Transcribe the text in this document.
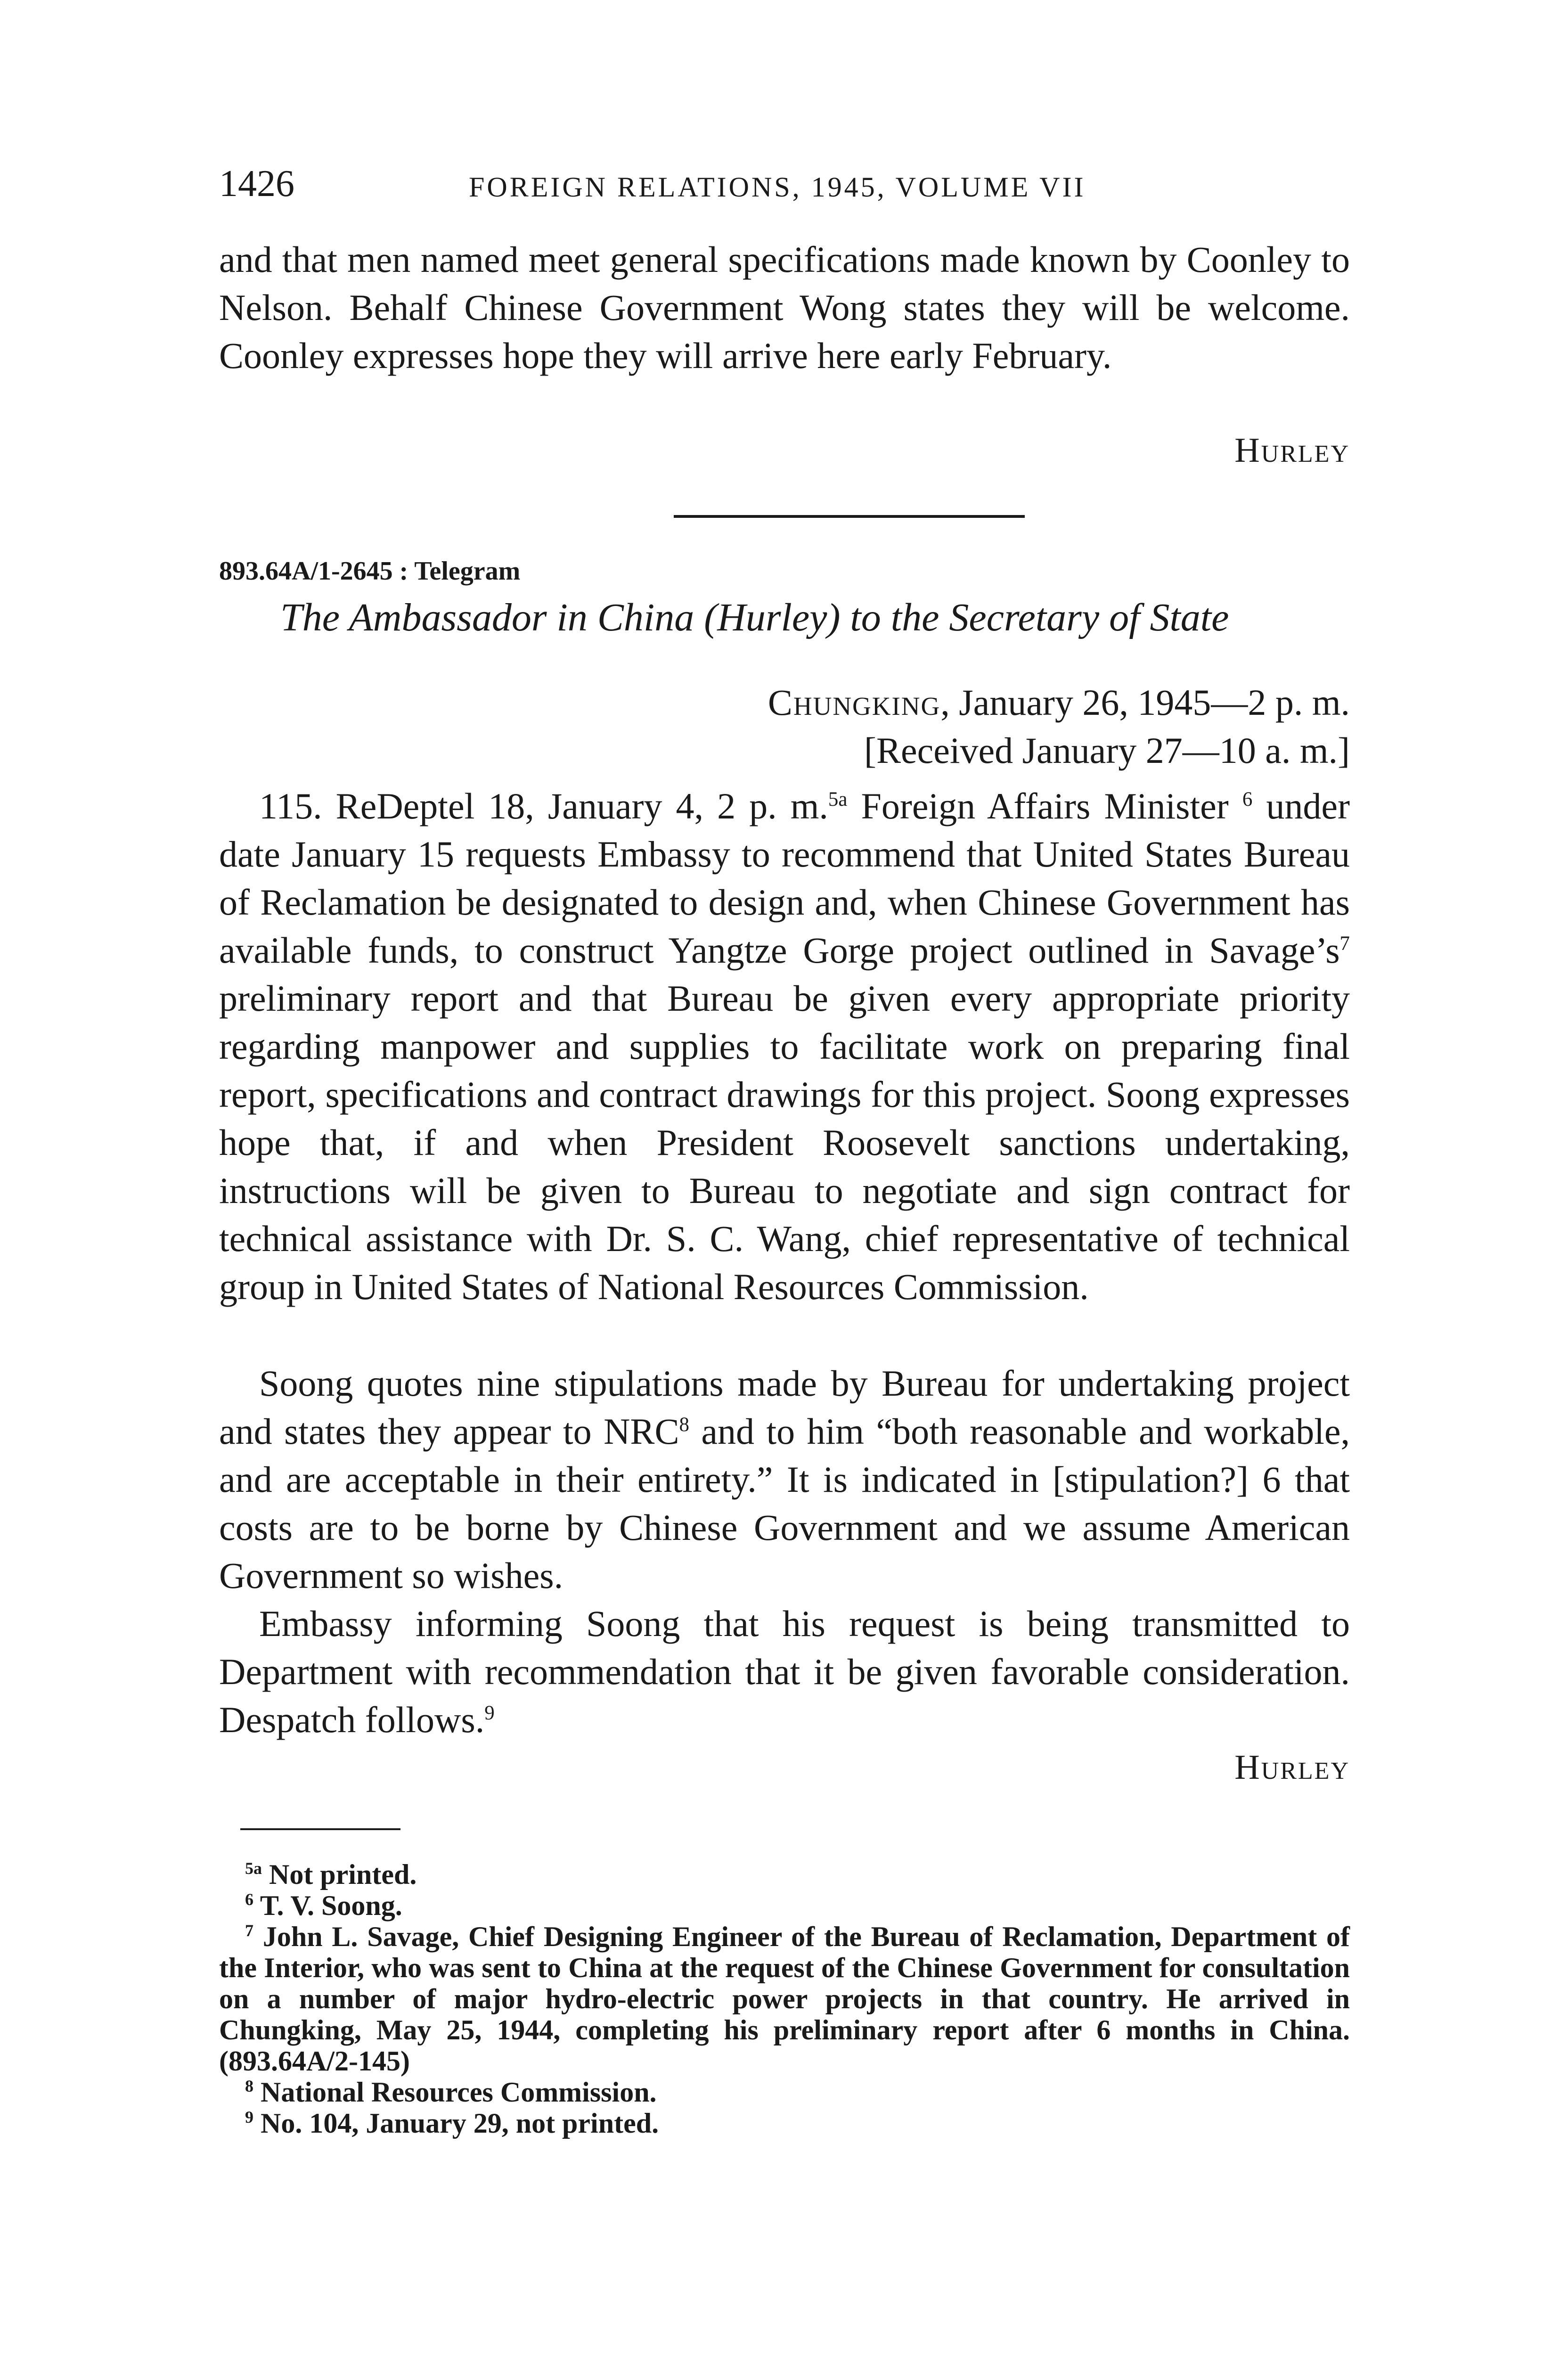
1426	FOREIGN RELATIONS, 1945, VOLUME VII
and that men named meet general specifications made known by Coonley to Nelson. Behalf Chinese Government Wong states they will be welcome. Coonley expresses hope they will arrive here early February.
Hurley
893.64A/1-2645 : Telegram
The Ambassador in China (Hurley) to the Secretary of State
Chungking, January 26, 1945—2 p. m.
[Received January 27—10 a. m.]
115. ReDeptel 18, January 4, 2 p. m.$^{5a}$ Foreign Affairs Minister $^6$ under date January 15 requests Embassy to recommend that United States Bureau of Reclamation be designated to design and, when Chinese Government has available funds, to construct Yangtze Gorge project outlined in $Savage’s^7$ preliminary report and that Bureau be given every appropriate priority regarding manpower and supplies to facilitate work on preparing final report, specifications and contract drawings for this project. Soong expresses hope that, if and when President Roosevelt sanctions undertaking, instructions will be given to Bureau to negotiate and sign contract for technical assistance with Dr. S. C. Wang, chief representative of technical group in United States of National Resources Commission.
Soong quotes nine stipulations made by Bureau for undertaking project and states they appear to NRC$^8$ and to him “both reasonable and workable, and are acceptable in their entirety.” It is indicated in [stipulation?] 6 that costs are to be borne by Chinese Government and we assume American Government so wishes.
Embassy informing Soong that his request is being transmitted to Department with recommendation that it be given favorable consideration. Despatch follows.$^9$
Hurley
$^{5a}$ Not printed.
$^6$ T. V. Soong.
$^7$ John L. Savage, Chief Designing Engineer of the Bureau of Reclamation, Department of the Interior, who was sent to China at the request of the Chinese Government for consultation on a number of major hydro-electric power projects in that country. He arrived in Chungking, May 25, 1944, completing his preliminary report after 6 months in China. (893.64A/2-145)
$^8$ National Resources Commission.
$^9$ No. 104, January 29, not printed.
